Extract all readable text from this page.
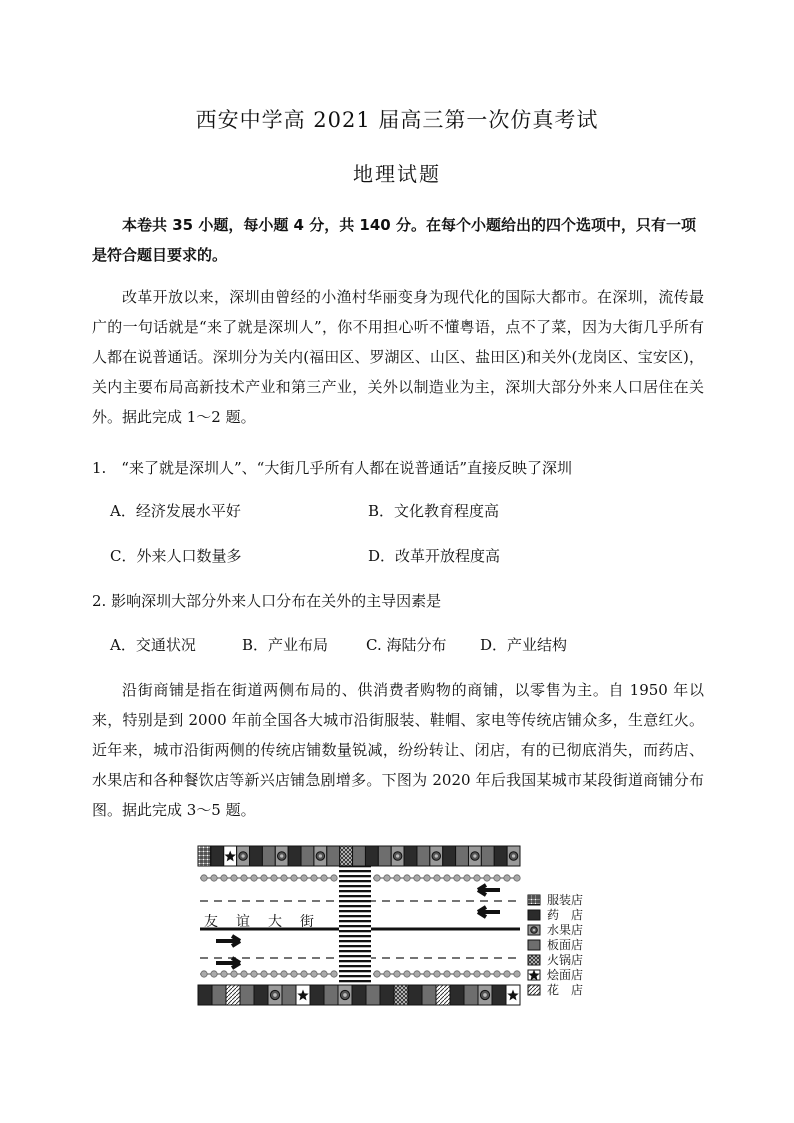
西安中学高 2021 届高三第一次仿真考试
地理试题
本卷共 35 小题，每小题 4 分，共 140 分。在每个小题给出的四个选项中，只有一项是符合题目要求的。
改革开放以来，深圳由曾经的小渔村华丽变身为现代化的国际大都市。在深圳，流传最广的一句话就是“来了就是深圳人”，你不用担心听不懂粤语，点不了菜，因为大街几乎所有人都在说普通话。深圳分为关内(福田区、罗湖区、山区、盐田区)和关外(龙岗区、宝安区)，关内主要布局高新技术产业和第三产业，关外以制造业为主，深圳大部分外来人口居住在关外。据此完成 1～2 题。
1.　“来了就是深圳人”、“大街几乎所有人都在说普通话”直接反映了深圳
A．经济发展水平好	B．文化教育程度高
C．外来人口数量多	D．改革开放程度高
2. 影响深圳大部分外来人口分布在关外的主导因素是
A．交通状况	B．产业布局	C. 海陆分布 D．产业结构
沿街商铺是指在街道两侧布局的、供消费者购物的商铺，以零售为主。自 1950 年以来，特别是到 2000 年前全国各大城市沿街服装、鞋帽、家电等传统店铺众多，生意红火。近年来，城市沿街两侧的传统店铺数量锐减，纷纷转让、闭店，有的已彻底消失，而药店、水果店和各种餐饮店等新兴店铺急剧增多。下图为 2020 年后我国某城市某段街道商铺分布图。据此完成 3～5 题。
友 谊 大 街
服装店
药　店
水果店
板面店
火锅店
烩面店
花　店
